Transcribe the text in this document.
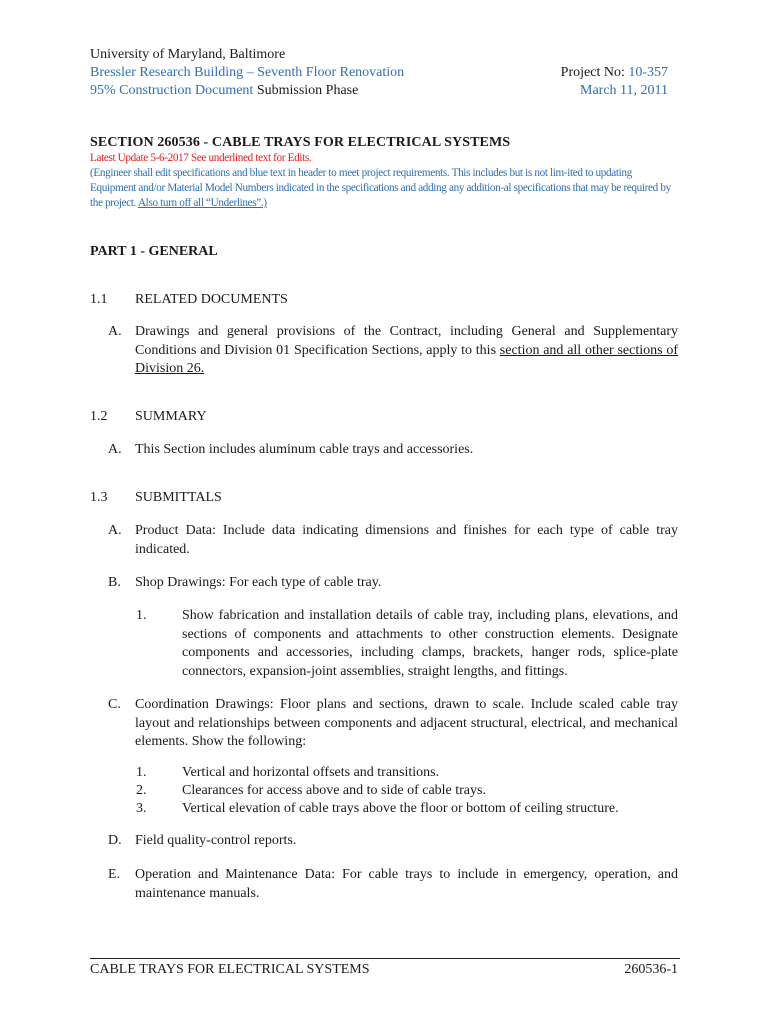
University of Maryland, Baltimore
Bressler Research Building – Seventh Floor Renovation	Project No: 10-357
95% Construction Document Submission Phase	March 11, 2011
SECTION 260536 - CABLE TRAYS FOR ELECTRICAL SYSTEMS
Latest Update 5-6-2017 See underlined text for Edits.
(Engineer shall edit specifications and blue text in header to meet project requirements. This includes but is not lim-ited to updating Equipment and/or Material Model Numbers indicated in the specifications and adding any addition-al specifications that may be required by the project. Also turn off all “Underlines”.)
PART 1 - GENERAL
1.1 RELATED DOCUMENTS
A. Drawings and general provisions of the Contract, including General and Supplementary Conditions and Division 01 Specification Sections, apply to this section and all other sections of Division 26.
1.2 SUMMARY
A. This Section includes aluminum cable trays and accessories.
1.3 SUBMITTALS
A. Product Data: Include data indicating dimensions and finishes for each type of cable tray indicated.
B. Shop Drawings: For each type of cable tray.
1.	Show fabrication and installation details of cable tray, including plans, elevations, and sections of components and attachments to other construction elements. Designate components and accessories, including clamps, brackets, hanger rods, splice-plate connectors, expansion-joint assemblies, straight lengths, and fittings.
C. Coordination Drawings: Floor plans and sections, drawn to scale. Include scaled cable tray layout and relationships between components and adjacent structural, electrical, and mechanical elements. Show the following:
1.	Vertical and horizontal offsets and transitions.
2.	Clearances for access above and to side of cable trays.
3.	Vertical elevation of cable trays above the floor or bottom of ceiling structure.
D. Field quality-control reports.
E. Operation and Maintenance Data: For cable trays to include in emergency, operation, and maintenance manuals.
CABLE TRAYS FOR ELECTRICAL SYSTEMS	260536-1
